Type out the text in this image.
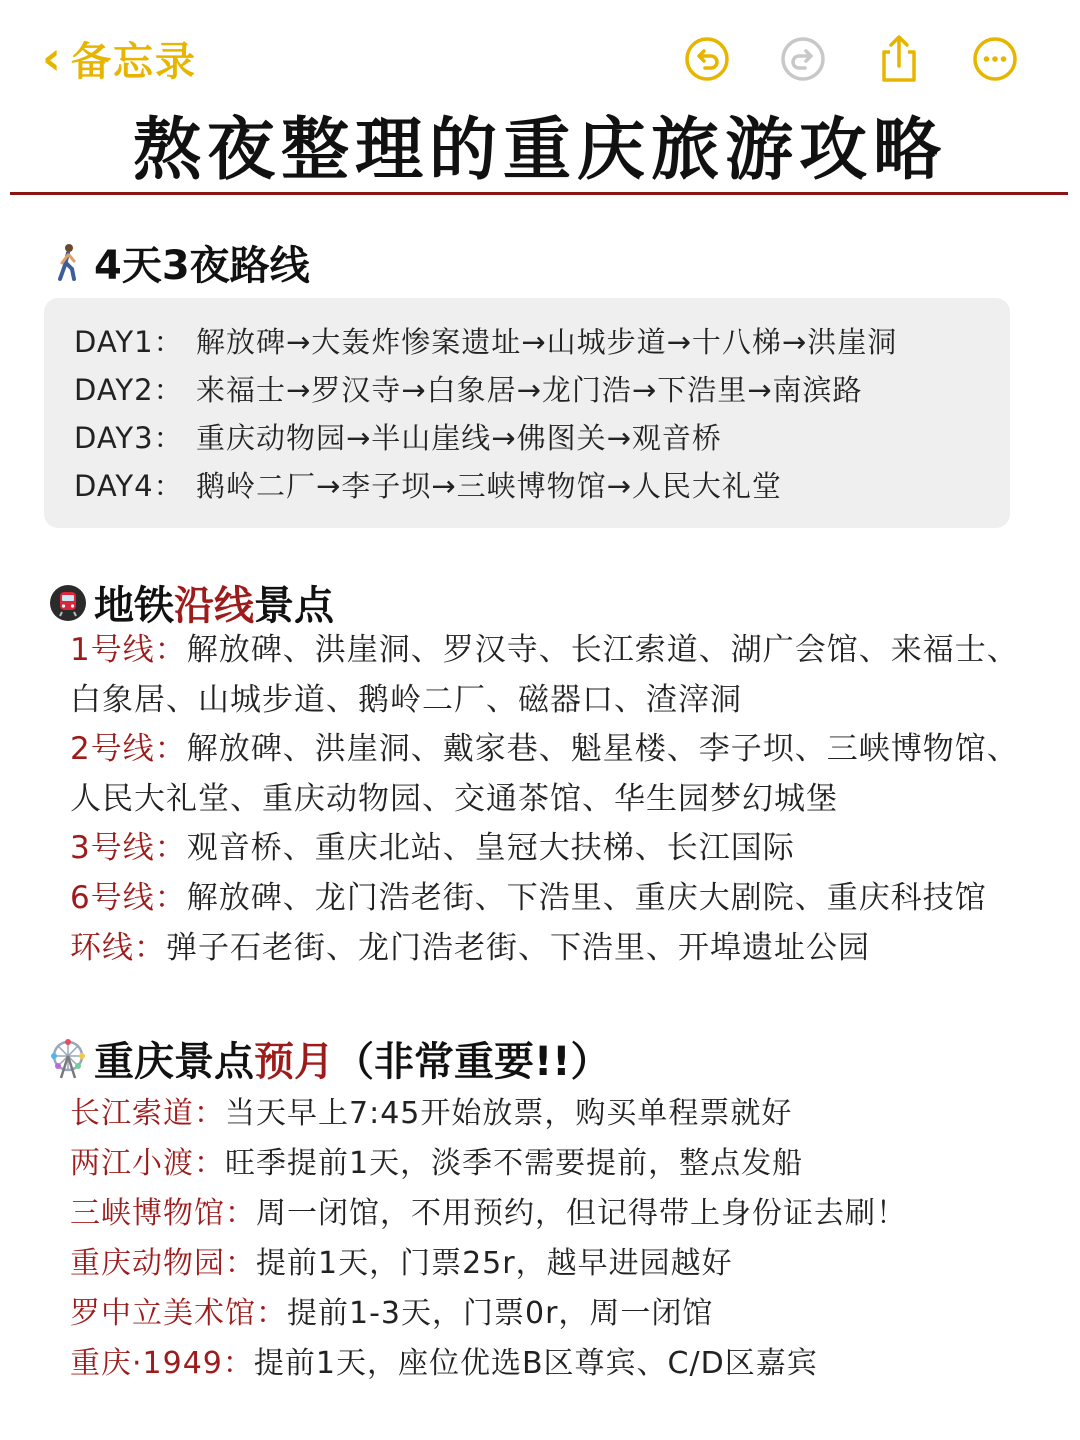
‹ 备忘录
熬夜整理的重庆旅游攻略
4天3夜路线
DAY1： 解放碑→大轰炸惨案遗址→山城步道→十八梯→洪崖洞
DAY2： 来福士→罗汉寺→白象居→龙门浩→下浩里→南滨路
DAY3： 重庆动物园→半山崖线→佛图关→观音桥
DAY4： 鹅岭二厂→李子坝→三峡博物馆→人民大礼堂
地铁 沿线 景点
1号线：解放碑、洪崖洞、罗汉寺、长江索道、湖广会馆、来福士、白象居、山城步道、鹅岭二厂、磁器口、渣滓洞
2号线：解放碑、洪崖洞、戴家巷、魁星楼、李子坝、三峡博物馆、人民大礼堂、重庆动物园、交通茶馆、华生园梦幻城堡
3号线：观音桥、重庆北站、皇冠大扶梯、长江国际
6号线：解放碑、龙门浩老街、下浩里、重庆大剧院、重庆科技馆
环线：弹子石老街、龙门浩老街、下浩里、开埠遗址公园
重庆景点 预月 （非常重要!!）
长江索道：当天早上7:45开始放票，购买单程票就好
两江小渡：旺季提前1天，淡季不需要提前，整点发船
三峡博物馆：周一闭馆，不用预约，但记得带上身份证去刷！
重庆动物园：提前1天，门票25r，越早进园越好
罗中立美术馆：提前1-3天，门票0r，周一闭馆
重庆·1949：提前1天，座位优选B区尊宾、C/D区嘉宾
